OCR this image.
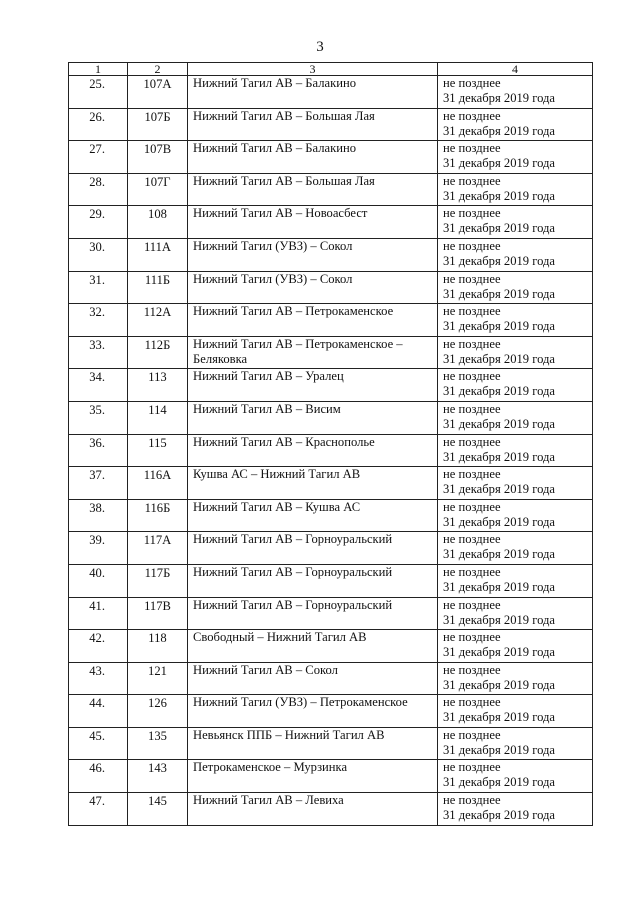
3
1	2	3	4
25.	107А	Нижний Тагил АВ – Балакино	не позднее
31 декабря 2019 года

26.	107Б	Нижний Тагил АВ – Большая Лая	не позднее
31 декабря 2019 года

27.	107В	Нижний Тагил АВ – Балакино	не позднее
31 декабря 2019 года

28.	107Г	Нижний Тагил АВ – Большая Лая	не позднее
31 декабря 2019 года

29.	108	Нижний Тагил АВ – Новоасбест	не позднее
31 декабря 2019 года

30.	111А	Нижний Тагил (УВЗ) – Сокол	не позднее
31 декабря 2019 года

31.	111Б	Нижний Тагил (УВЗ) – Сокол	не позднее
31 декабря 2019 года

32.	112А	Нижний Тагил АВ – Петрокаменское	не позднее
31 декабря 2019 года

33.	112Б	Нижний Тагил АВ – Петрокаменское – Беляковка	не позднее
31 декабря 2019 года

34.	113	Нижний Тагил АВ – Уралец	не позднее
31 декабря 2019 года

35.	114	Нижний Тагил АВ – Висим	не позднее
31 декабря 2019 года

36.	115	Нижний Тагил АВ – Краснополье	не позднее
31 декабря 2019 года

37.	116А	Кушва АС – Нижний Тагил АВ	не позднее
31 декабря 2019 года

38.	116Б	Нижний Тагил АВ – Кушва АС	не позднее
31 декабря 2019 года

39.	117А	Нижний Тагил АВ – Горноуральский	не позднее
31 декабря 2019 года

40.	117Б	Нижний Тагил АВ – Горноуральский	не позднее
31 декабря 2019 года

41.	117В	Нижний Тагил АВ – Горноуральский	не позднее
31 декабря 2019 года

42.	118	Свободный – Нижний Тагил АВ	не позднее
31 декабря 2019 года

43.	121	Нижний Тагил АВ – Сокол	не позднее
31 декабря 2019 года

44.	126	Нижний Тагил (УВЗ) – Петрокаменское	не позднее
31 декабря 2019 года

45.	135	Невьянск ППБ – Нижний Тагил АВ	не позднее
31 декабря 2019 года

46.	143	Петрокаменское – Мурзинка	не позднее
31 декабря 2019 года

47.	145	Нижний Тагил АВ – Левиха	не позднее
31 декабря 2019 года
